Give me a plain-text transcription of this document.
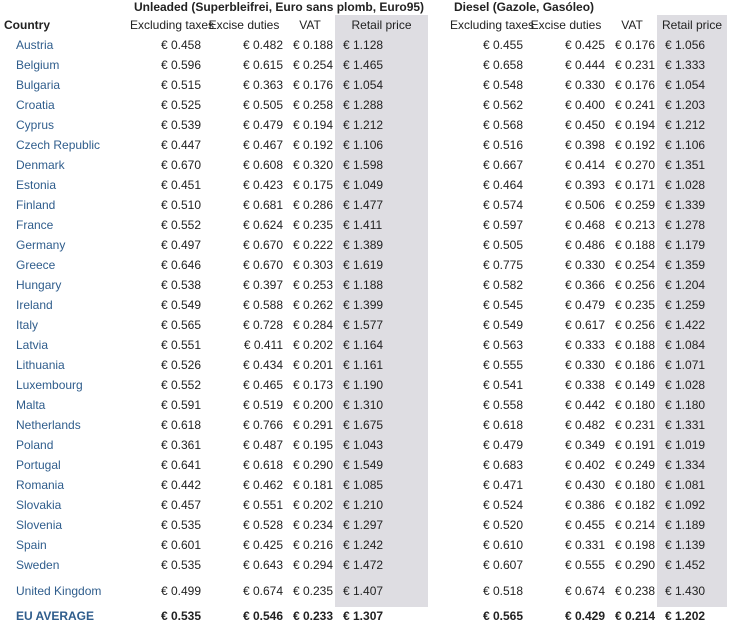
	Unleaded (Superbleifrei, Euro sans plomb, Euro95)					Diesel (Gazole, Gasóleo)				
Country	Excluding taxes	Excise duties	VAT	Retail price		Excluding taxes	Excise duties	VAT	Retail price	
Austria	€ 0.458	€ 0.482	€ 0.188	€ 1.128		€ 0.455	€ 0.425	€ 0.176	€ 1.056	
Belgium	€ 0.596	€ 0.615	€ 0.254	€ 1.465		€ 0.658	€ 0.444	€ 0.231	€ 1.333	
Bulgaria	€ 0.515	€ 0.363	€ 0.176	€ 1.054		€ 0.548	€ 0.330	€ 0.176	€ 1.054	
Croatia	€ 0.525	€ 0.505	€ 0.258	€ 1.288		€ 0.562	€ 0.400	€ 0.241	€ 1.203	
Cyprus	€ 0.539	€ 0.479	€ 0.194	€ 1.212		€ 0.568	€ 0.450	€ 0.194	€ 1.212	
Czech Republic	€ 0.447	€ 0.467	€ 0.192	€ 1.106		€ 0.516	€ 0.398	€ 0.192	€ 1.106	
Denmark	€ 0.670	€ 0.608	€ 0.320	€ 1.598		€ 0.667	€ 0.414	€ 0.270	€ 1.351	
Estonia	€ 0.451	€ 0.423	€ 0.175	€ 1.049		€ 0.464	€ 0.393	€ 0.171	€ 1.028	
Finland	€ 0.510	€ 0.681	€ 0.286	€ 1.477		€ 0.574	€ 0.506	€ 0.259	€ 1.339	
France	€ 0.552	€ 0.624	€ 0.235	€ 1.411		€ 0.597	€ 0.468	€ 0.213	€ 1.278	
Germany	€ 0.497	€ 0.670	€ 0.222	€ 1.389		€ 0.505	€ 0.486	€ 0.188	€ 1.179	
Greece	€ 0.646	€ 0.670	€ 0.303	€ 1.619		€ 0.775	€ 0.330	€ 0.254	€ 1.359	
Hungary	€ 0.538	€ 0.397	€ 0.253	€ 1.188		€ 0.582	€ 0.366	€ 0.256	€ 1.204	
Ireland	€ 0.549	€ 0.588	€ 0.262	€ 1.399		€ 0.545	€ 0.479	€ 0.235	€ 1.259	
Italy	€ 0.565	€ 0.728	€ 0.284	€ 1.577		€ 0.549	€ 0.617	€ 0.256	€ 1.422	
Latvia	€ 0.551	€ 0.411	€ 0.202	€ 1.164		€ 0.563	€ 0.333	€ 0.188	€ 1.084	
Lithuania	€ 0.526	€ 0.434	€ 0.201	€ 1.161		€ 0.555	€ 0.330	€ 0.186	€ 1.071	
Luxembourg	€ 0.552	€ 0.465	€ 0.173	€ 1.190		€ 0.541	€ 0.338	€ 0.149	€ 1.028	
Malta	€ 0.591	€ 0.519	€ 0.200	€ 1.310		€ 0.558	€ 0.442	€ 0.180	€ 1.180	
Netherlands	€ 0.618	€ 0.766	€ 0.291	€ 1.675		€ 0.618	€ 0.482	€ 0.231	€ 1.331	
Poland	€ 0.361	€ 0.487	€ 0.195	€ 1.043		€ 0.479	€ 0.349	€ 0.191	€ 1.019	
Portugal	€ 0.641	€ 0.618	€ 0.290	€ 1.549		€ 0.683	€ 0.402	€ 0.249	€ 1.334	
Romania	€ 0.442	€ 0.462	€ 0.181	€ 1.085		€ 0.471	€ 0.430	€ 0.180	€ 1.081	
Slovakia	€ 0.457	€ 0.551	€ 0.202	€ 1.210		€ 0.524	€ 0.386	€ 0.182	€ 1.092	
Slovenia	€ 0.535	€ 0.528	€ 0.234	€ 1.297		€ 0.520	€ 0.455	€ 0.214	€ 1.189	
Spain	€ 0.601	€ 0.425	€ 0.216	€ 1.242		€ 0.610	€ 0.331	€ 0.198	€ 1.139	
Sweden	€ 0.535	€ 0.643	€ 0.294	€ 1.472		€ 0.607	€ 0.555	€ 0.290	€ 1.452	
United Kingdom	€ 0.499	€ 0.674	€ 0.235	€ 1.407		€ 0.518	€ 0.674	€ 0.238	€ 1.430	
EU AVERAGE	€ 0.535	€ 0.546	€ 0.233	€ 1.307		€ 0.565	€ 0.429	€ 0.214	€ 1.202	
